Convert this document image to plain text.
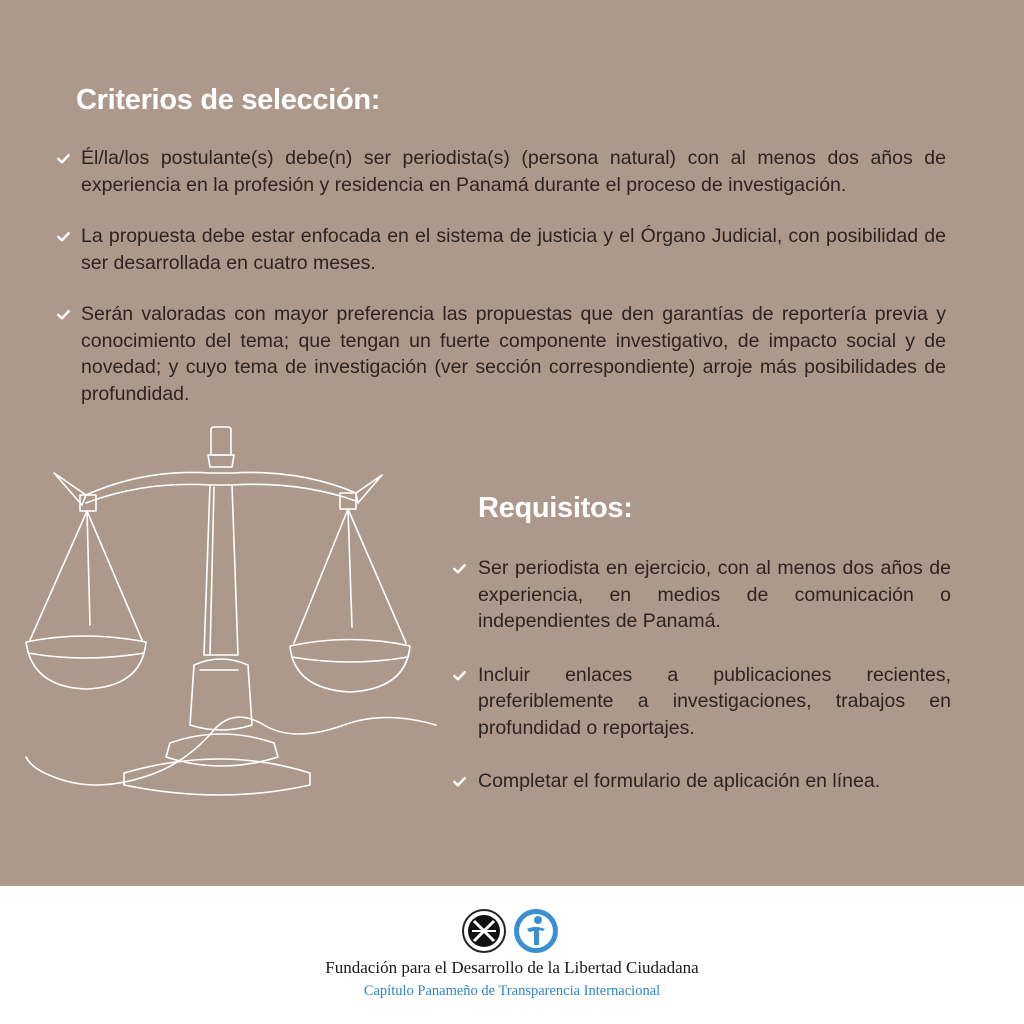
Criterios de selección:
Él/la/los postulante(s) debe(n) ser periodista(s) (persona natural) con al menos dos años de experiencia en la profesión y residencia en Panamá durante el proceso de investigación.
La propuesta debe estar enfocada en el sistema de justicia y el Órgano Judicial, con posibilidad de ser desarrollada en cuatro meses.
Serán valoradas con mayor preferencia las propuestas que den garantías de reportería previa y conocimiento del tema; que tengan un fuerte componente investigativo, de impacto social y de novedad; y cuyo tema de investigación (ver sección correspondiente) arroje más posibilidades de profundidad.
Requisitos:
Ser periodista en ejercicio, con al menos dos años de experiencia, en medios de comunicación o independientes de Panamá.
Incluir enlaces a publicaciones recientes, preferiblemente a investigaciones, trabajos en profundidad o reportajes.
Completar el formulario de aplicación en línea.
Fundación para el Desarrollo de la Libertad Ciudadana
Capítulo Panameño de Transparencia Internacional
